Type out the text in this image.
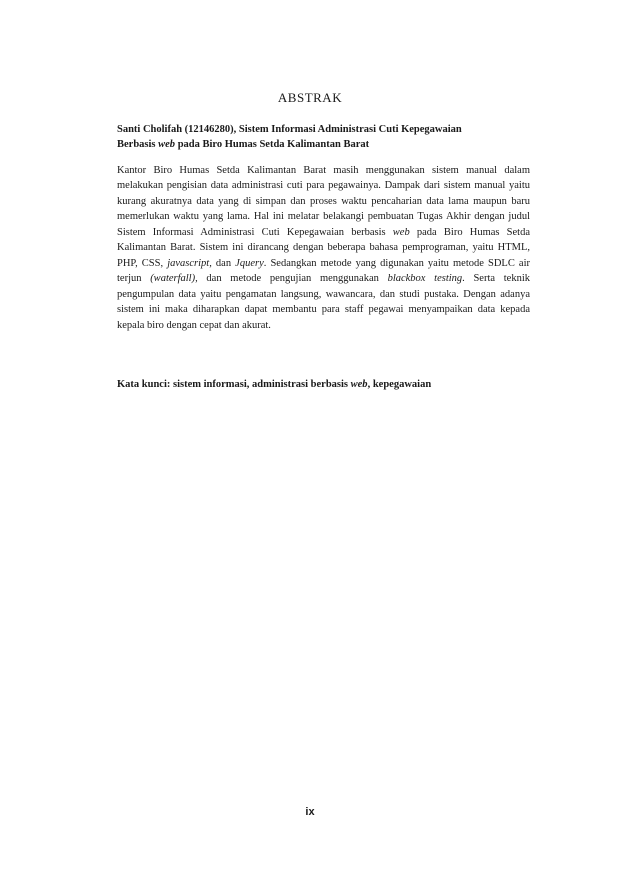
ABSTRAK
Santi Cholifah (12146280), Sistem Informasi Administrasi Cuti Kepegawaian
Berbasis web pada Biro Humas Setda Kalimantan Barat

Kantor Biro Humas Setda Kalimantan Barat masih menggunakan sistem manual dalam melakukan pengisian data administrasi cuti para pegawainya. Dampak dari sistem manual yaitu kurang akuratnya data yang di simpan dan proses waktu pencaharian data lama maupun baru memerlukan waktu yang lama. Hal ini melatar belakangi pembuatan Tugas Akhir dengan judul Sistem Informasi Administrasi Cuti Kepegawaian berbasis web pada Biro Humas Setda Kalimantan Barat. Sistem ini dirancang dengan beberapa bahasa pemprograman, yaitu HTML, PHP, CSS, javascript, dan Jquery. Sedangkan metode yang digunakan yaitu metode SDLC air terjun (waterfall), dan metode pengujian menggunakan blackbox testing. Serta teknik pengumpulan data yaitu pengamatan langsung, wawancara, dan studi pustaka. Dengan adanya sistem ini maka diharapkan dapat membantu para staff pegawai menyampaikan data kepada kepala biro dengan cepat dan akurat.

Kata kunci: sistem informasi, administrasi berbasis web, kepegawaian
ix
